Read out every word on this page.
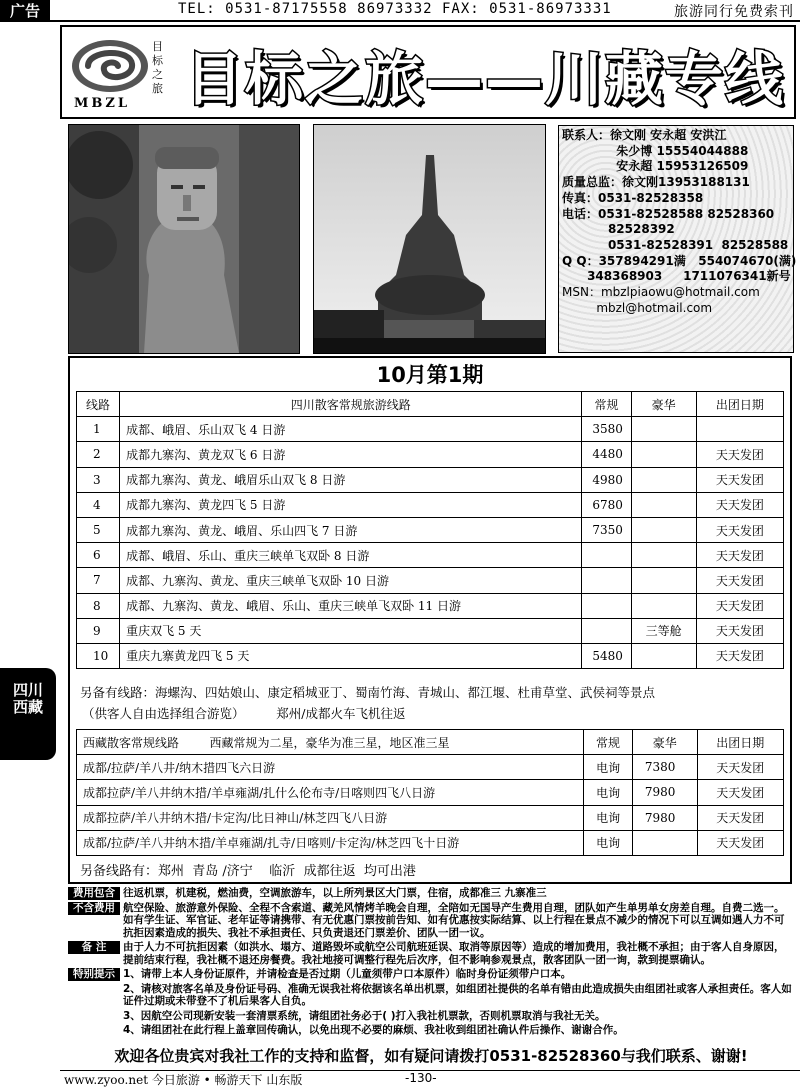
广告	TEL: 0531-87175558 86973332 FAX: 0531-86973331	旅游同行免费索刊
MBZL
目标之旅 目标之旅——川藏专线
联系人：徐文刚 安永超 安洪江
朱少博 15554044888
安永超 15953126509
质量总监：徐文刚13953188131
传真：0531-82528358
电话：0531-82528588 82528360
82528392
0531-82528391  82528588
Q Q：357894291满   554074670(满)
348368903     1711076341新号
MSN：mbzlpiaowu@hotmail.com
mbzl@hotmail.com
10月第1期
线路	四川散客常规旅游线路	常规	豪华	出团日期
1	成都、峨眉、乐山双飞 4 日游	3580		
2	成都九寨沟、黄龙双飞 6 日游	4480		天天发团
3	成都九寨沟、黄龙、峨眉乐山双飞 8 日游	4980		天天发团
4	成都九寨沟、黄龙四飞 5 日游	6780		天天发团
5	成都九寨沟、黄龙、峨眉、乐山四飞 7 日游	7350		天天发团
6	成都、峨眉、乐山、重庆三峡单飞双卧 8 日游			天天发团
7	成都、九寨沟、黄龙、重庆三峡单飞双卧 10 日游			天天发团
8	成都、九寨沟、黄龙、峨眉、乐山、重庆三峡单飞双卧 11 日游			天天发团
9	重庆双飞 5 天		三等舱	天天发团
10	重庆九寨黄龙四飞 5 天	5480		天天发团
另备有线路：海螺沟、四姑娘山、康定稻城亚丁、蜀南竹海、青城山、都江堰、杜甫草堂、武侯祠等景点
（供客人自由选择组合游览）        郑州/成都火车飞机往返
西藏散客常规线路        西藏常规为二星，豪华为准三星，地区准三星	常规	豪华	出团日期
成都/拉萨/羊八井/纳木措四飞六日游	电询	7380	天天发团
成都拉萨/羊八井纳木措/羊卓雍湖/扎什么伦布寺/日喀则四飞八日游	电询	7980	天天发团
成都拉萨/羊八井纳木措/卡定沟/比日神山/林芝四飞八日游	电询	7980	天天发团
成都/拉萨/羊八井纳木措/羊卓雍湖/扎寺/日喀则/卡定沟/林芝四飞十日游	电询		天天发团
另备线路有：郑州  青岛 /济宁    临沂  成都往返  均可出港
四川西藏
费用包含 往返机票，机建税，燃油费，空调旅游车，以上所列景区大门票，住宿，成都准三 九寨准三
不含费用 航空保险、旅游意外保险、全程不含索道、藏羌风情烤羊晚会自理，全陪如无国导产生费用自理，团队如产生单男单女房差自理。自费二选一。如有学生证、军官证、老年证等请携带、有无优惠门票按前告知、如有优惠按实际结算、以上行程在景点不减少的情况下可以互调如遇人力不可抗拒因素造成的损失、我社不承担责任、只负责退还门票差价、团队一团一议。
备 注	由于人力不可抗拒因素（如洪水、塌方、道路毁坏或航空公司航班延误、取消等原因等）造成的增加费用，我社概不承担；由于客人自身原因，提前结束行程，我社概不退还房餐费。我社地接可调整行程先后次序，但不影响参观景点，散客团队一团一询，款到提票确认。
特别提示 1、请带上本人身份证原件，并请检查是否过期（儿童须带户口本原件）临时身份证须带户口本。
2、请核对旅客名单及身份证号码、准确无误我社将依据该名单出机票，如组团社提供的名单有错由此造成损失由组团社或客人承担责任。客人如证件过期或未带登不了机后果客人自负。
3、因航空公司现新安装一套清票系统，请组团社务必于( )打入我社机票款，否则机票取消与我社无关。
4、请组团社在此行程上盖章回传确认，以免出现不必要的麻烦、我社收到组团社确认件后操作、谢谢合作。
欢迎各位贵宾对我社工作的支持和监督，如有疑问请拨打0531-82528360与我们联系、谢谢!
www.zyoo.net 今日旅游 • 畅游天下 山东版	-130-
